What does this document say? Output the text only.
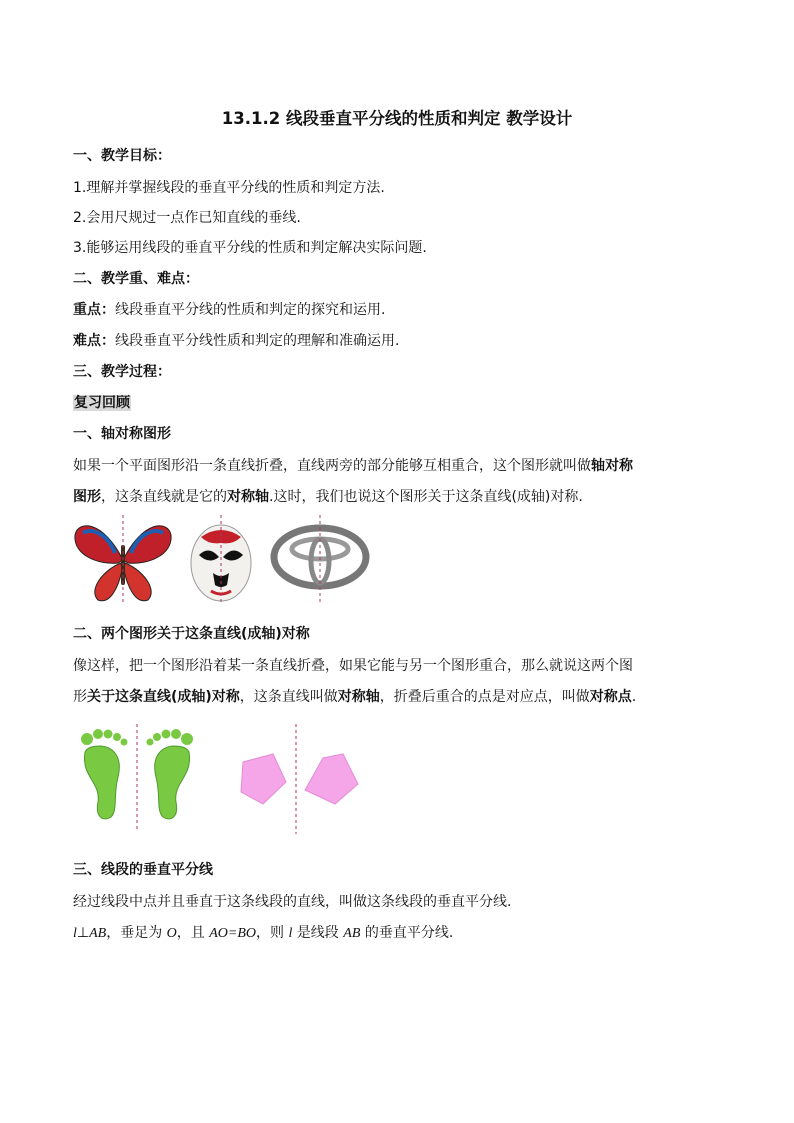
13.1.2 线段垂直平分线的性质和判定 教学设计
一、教学目标：
1.理解并掌握线段的垂直平分线的性质和判定方法.
2.会用尺规过一点作已知直线的垂线.
3.能够运用线段的垂直平分线的性质和判定解决实际问题.
二、教学重、难点：
重点：线段垂直平分线的性质和判定的探究和运用.
难点：线段垂直平分线性质和判定的理解和准确运用.
三、教学过程：
复习回顾
一、轴对称图形
如果一个平面图形沿一条直线折叠，直线两旁的部分能够互相重合，这个图形就叫做轴对称
图形，这条直线就是它的对称轴.这时，我们也说这个图形关于这条直线(成轴)对称.
二、两个图形关于这条直线(成轴)对称
像这样，把一个图形沿着某一条直线折叠，如果它能与另一个图形重合，那么就说这两个图
形关于这条直线(成轴)对称，这条直线叫做对称轴，折叠后重合的点是对应点，叫做对称点.
三、线段的垂直平分线
经过线段中点并且垂直于这条线段的直线，叫做这条线段的垂直平分线.
l⊥AB，垂足为 O，且 AO=BO，则 l 是线段 AB 的垂直平分线.
